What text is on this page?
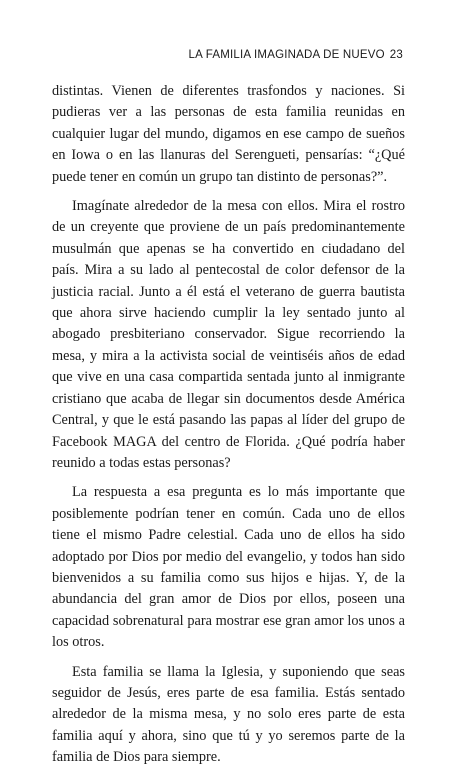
LA FAMILIA IMAGINADA DE NUEVO 23

distintas. Vienen de diferentes trasfondos y naciones. Si pudieras ver a las personas de esta familia reunidas en cualquier lugar del mundo, digamos en ese campo de sueños en Iowa o en las llanuras del Serengueti, pensarías: “¿Qué puede tener en común un grupo tan distinto de personas?”.

Imagínate alrededor de la mesa con ellos. Mira el rostro de un creyente que proviene de un país predominantemente musulmán que apenas se ha convertido en ciudadano del país. Mira a su lado al pentecostal de color defensor de la justicia racial. Junto a él está el veterano de guerra bautista que ahora sirve haciendo cumplir la ley sentado junto al abogado presbiteriano conservador. Sigue recorriendo la mesa, y mira a la activista social de veintiséis años de edad que vive en una casa compartida sentada junto al inmigrante cristiano que acaba de llegar sin documentos desde América Central, y que le está pasando las papas al líder del grupo de Facebook MAGA del centro de Florida. ¿Qué podría haber reunido a todas estas personas?

La respuesta a esa pregunta es lo más importante que posiblemente podrían tener en común. Cada uno de ellos tiene el mismo Padre celestial. Cada uno de ellos ha sido adoptado por Dios por medio del evangelio, y todos han sido bienvenidos a su familia como sus hijos e hijas. Y, de la abundancia del gran amor de Dios por ellos, poseen una capacidad sobrenatural para mostrar ese gran amor los unos a los otros.

Esta familia se llama la Iglesia, y suponiendo que seas seguidor de Jesús, eres parte de esa familia. Estás sentado alrededor de la misma mesa, y no solo eres parte de esta familia aquí y ahora, sino que tú y yo seremos parte de la familia de Dios para siempre.
